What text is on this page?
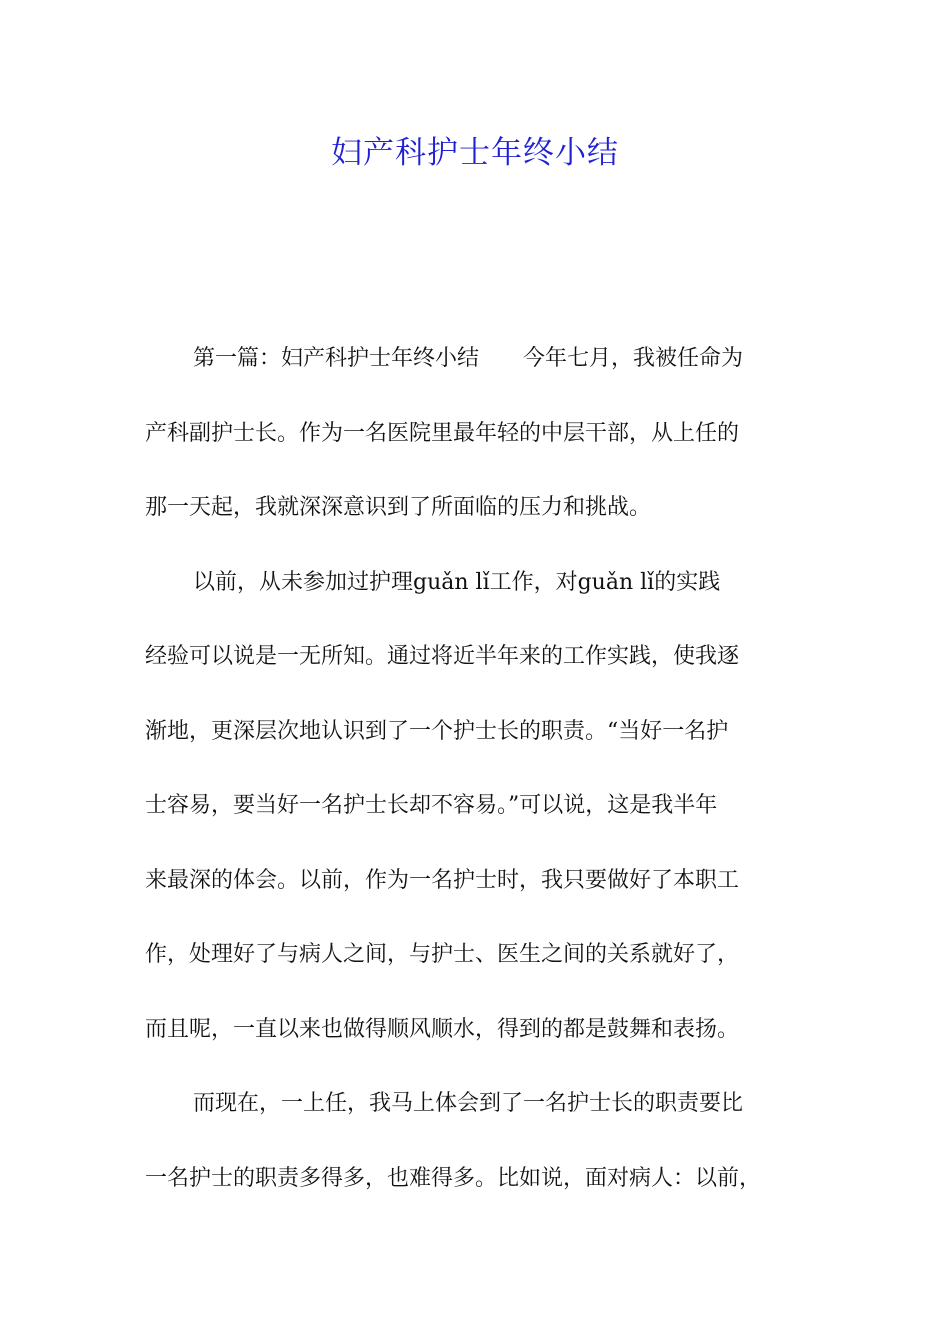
妇产科护士年终小结
第一篇：妇产科护士年终小结　　今年七月，我被任命为
产科副护士长。作为一名医院里最年轻的中层干部，从上任的
那一天起，我就深深意识到了所面临的压力和挑战。
以前，从未参加过护理guǎn lǐ工作，对guǎn lǐ的实践
经验可以说是一无所知。通过将近半年来的工作实践，使我逐
渐地，更深层次地认识到了一个护士长的职责。“当好一名护
士容易，要当好一名护士长却不容易。”可以说，这是我半年
来最深的体会。以前，作为一名护士时，我只要做好了本职工
作，处理好了与病人之间，与护士、医生之间的关系就好了，
而且呢，一直以来也做得顺风顺水，得到的都是鼓舞和表扬。
而现在，一上任，我马上体会到了一名护士长的职责要比
一名护士的职责多得多，也难得多。比如说，面对病人：以前，
